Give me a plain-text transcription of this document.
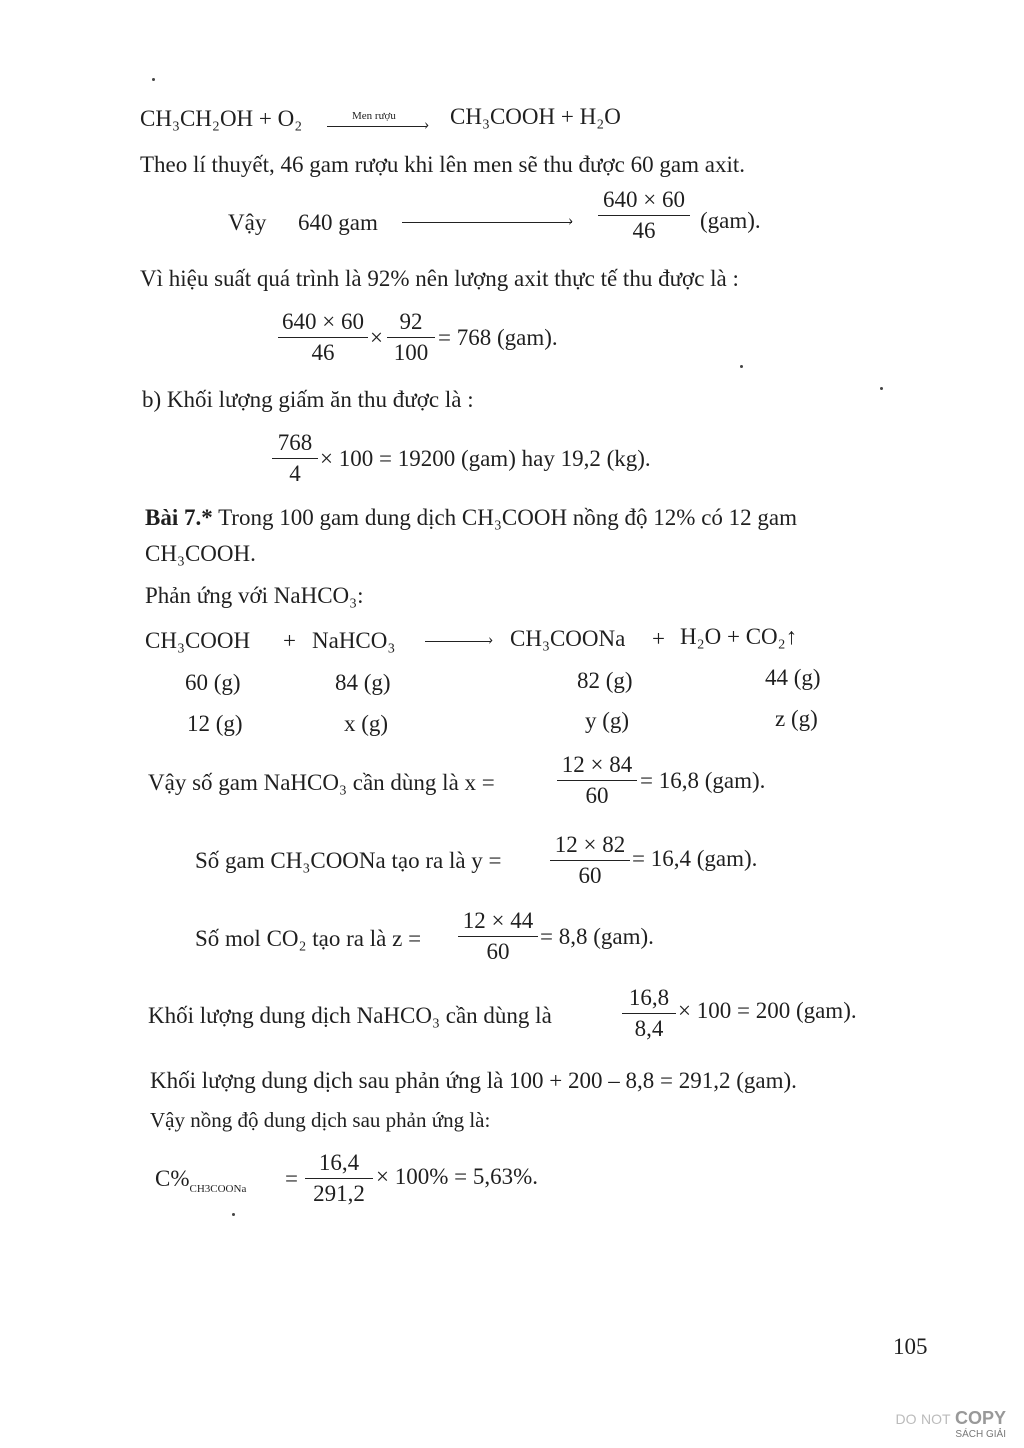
CH₃CH₂OH + O₂	Men rượu › CH₃COOH + H₂O
Theo lí thuyết, 46 gam rượu khi lên men sẽ thu được 60 gam axit.
Vậy 640 gam	›
640 × 60
46	(gam).
Vì hiệu suất quá trình là 92% nên lượng axit thực tế thu được là :
640 × 60
46
×
92
100
= 768 (gam).
b) Khối lượng giấm ăn thu được là :
768
4
× 100 = 19200 (gam) hay 19,2 (kg).
Bài 7.* Trong 100 gam dung dịch CH₃COOH nồng độ 12% có 12 gam
CH₃COOH.
Phản ứng với NaHCO₃:
CH₃COOH + NaHCO₃	› CH₃COONa + H₂O + CO₂↑
60 (g)	84 (g)	82 (g)	44 (g)
12 (g)	x (g)	y (g)	z (g)
Vậy số gam NaHCO₃ cần dùng là x =
12 × 84
60
= 16,8 (gam).
Số gam CH₃COONa tạo ra là y =
12 × 82
60
= 16,4 (gam).
Số mol CO₂ tạo ra là z =
12 × 44
60
= 8,8 (gam).
Khối lượng dung dịch NaHCO₃ cần dùng là
16,8
8,4
× 100 = 200 (gam).
Khối lượng dung dịch sau phản ứng là 100 + 200 – 8,8 = 291,2 (gam).
Vậy nồng độ dung dịch sau phản ứng là:
$C\%_{CH3COONa}$ =
16,4
291,2
× 100% = 5,63%.
105
DO NOT COPY
SÁCH GIẢI
